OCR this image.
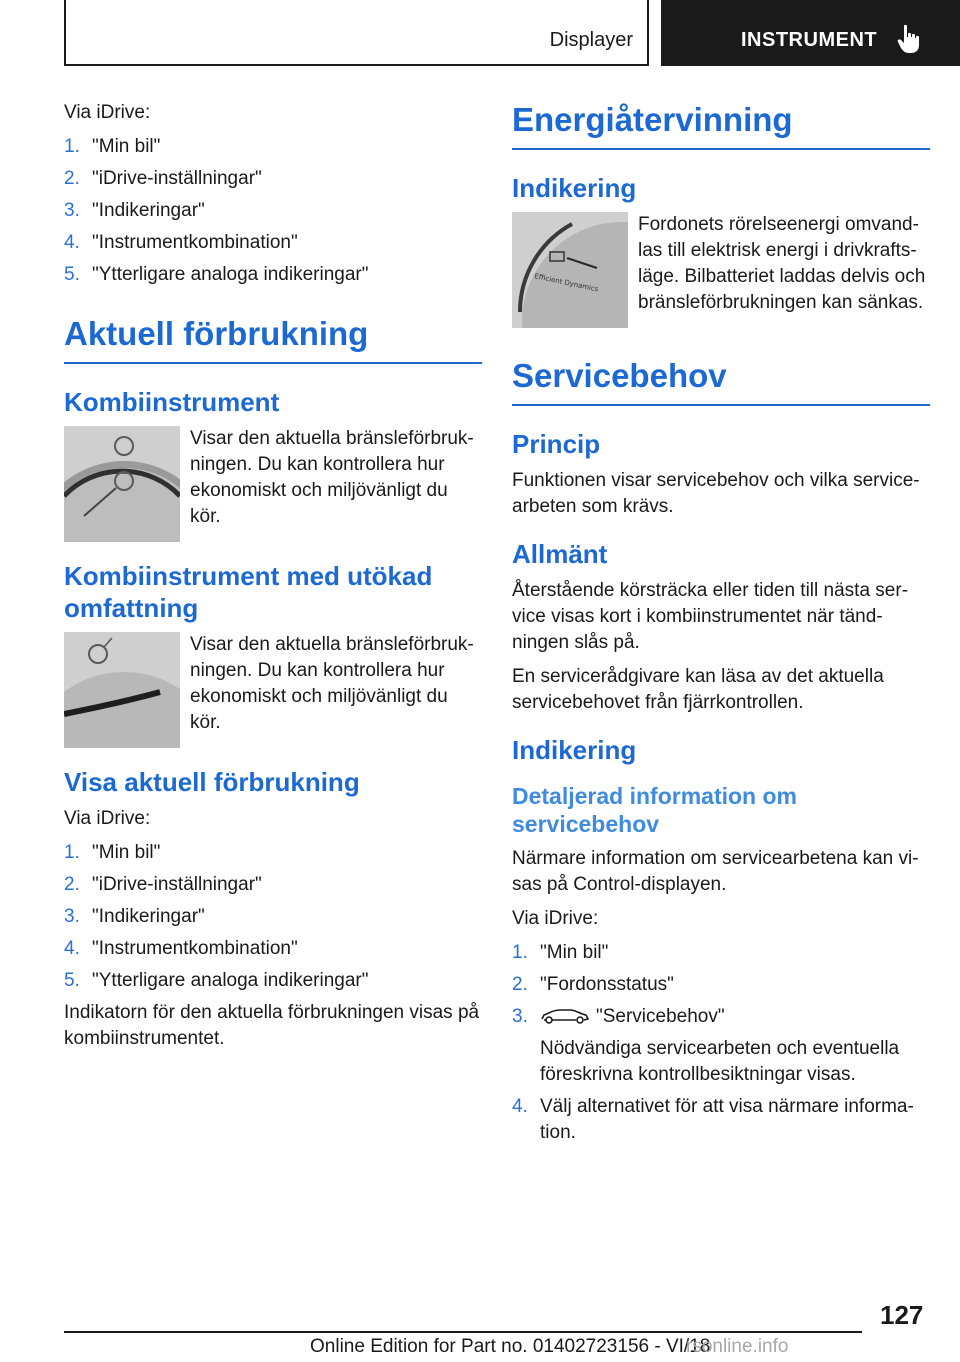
Displayer	INSTRUMENT

Via iDrive:

1. "Min bil"
2. "iDrive-inställningar"
3. "Indikeringar"
4. "Instrumentkombination"
5. "Ytterligare analoga indikeringar"
Aktuell förbrukning
Kombiinstrument

Visar den aktuella bränsleförbrukningen. Du kan kontrollera hur ekonomiskt och miljövänligt du kör.

Kombiinstrument med utökad omfattning

Visar den aktuella bränsleförbrukningen. Du kan kontrollera hur ekonomiskt och miljövänligt du kör.

Visa aktuell förbrukning

Via iDrive:

1. "Min bil"
2. "iDrive-inställningar"
3. "Indikeringar"
4. "Instrumentkombination"
5. "Ytterligare analoga indikeringar"

Indikatorn för den aktuella förbrukningen visas på kombiinstrumentet.

Energiåtervinning
Indikering
Efficient Dynamics

Fordonets rörelseenergi omvandlas till elektrisk energi i drivkraftsläge. Bilbatteriet laddas delvis och bränsleförbrukningen kan sänkas.

Servicebehov
Princip

Funktionen visar servicebehov och vilka servicearbeten som krävs.

Allmänt

Återstående körsträcka eller tiden till nästa service visas kort i kombiinstrumentet när tändningen slås på.

En servicerådgivare kan läsa av det aktuella servicebehovet från fjärrkontrollen.

Indikering
Detaljerad information om servicebehov

Närmare information om servicearbetena kan visas på Control-displayen.

Via iDrive:

1. "Min bil"
2. "Fordonsstatus"
3.	"Servicebehov"
Nödvändiga servicearbeten och eventuella föreskrivna kontrollbesiktningar visas.
4. Välj alternativet för att visa närmare information.
127
Online Edition for Part no. 01402723156 - VI/18
rsonline.info
